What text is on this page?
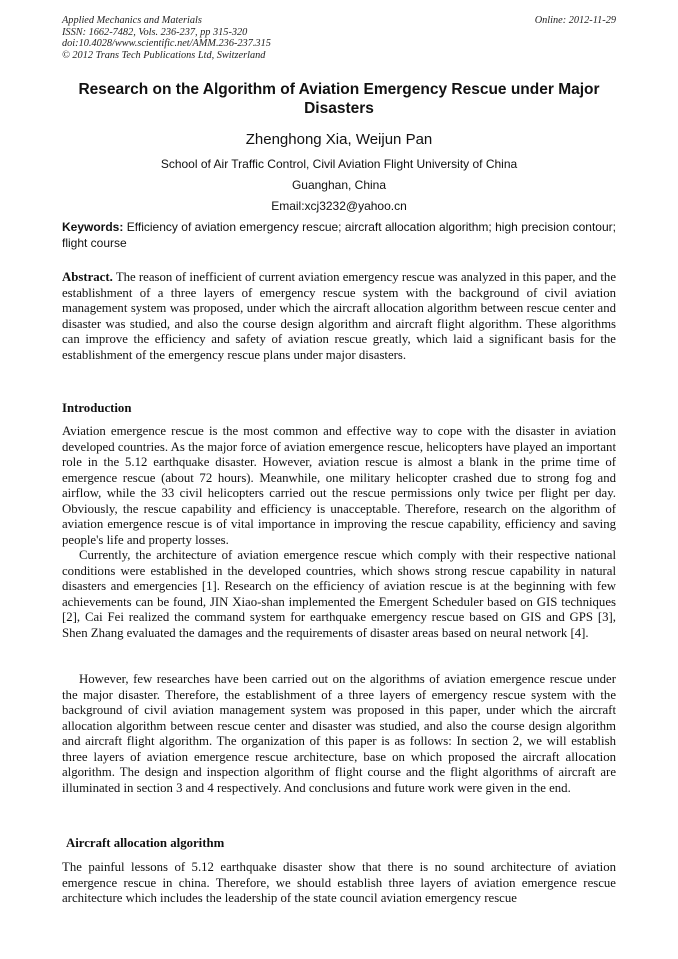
Applied Mechanics and Materials
ISSN: 1662-7482, Vols. 236-237, pp 315-320
doi:10.4028/www.scientific.net/AMM.236-237.315
© 2012 Trans Tech Publications Ltd, Switzerland
Online: 2012-11-29
Research on the Algorithm of Aviation Emergency Rescue under Major Disasters
Zhenghong Xia, Weijun Pan
School of Air Traffic Control, Civil Aviation Flight University of China
Guanghan, China
Email:xcj3232@yahoo.cn
Keywords: Efficiency of aviation emergency rescue; aircraft allocation algorithm; high precision contour; flight course
Abstract. The reason of inefficient of current aviation emergency rescue was analyzed in this paper, and the establishment of a three layers of emergency rescue system with the background of civil aviation management system was proposed, under which the aircraft allocation algorithm between rescue center and disaster was studied, and also the course design algorithm and aircraft flight algorithm. These algorithms can improve the efficiency and safety of aviation rescue greatly, which laid a significant basis for the establishment of the emergency rescue plans under major disasters.
Introduction
Aviation emergence rescue is the most common and effective way to cope with the disaster in aviation developed countries. As the major force of aviation emergence rescue, helicopters have played an important role in the 5.12 earthquake disaster. However, aviation rescue is almost a blank in the prime time of emergence rescue (about 72 hours). Meanwhile, one military helicopter crashed due to strong fog and airflow, while the 33 civil helicopters carried out the rescue permissions only twice per flight per day. Obviously, the rescue capability and efficiency is unacceptable. Therefore, research on the algorithm of aviation emergence rescue is of vital importance in improving the rescue capability, efficiency and saving people's life and property losses.
Currently, the architecture of aviation emergence rescue which comply with their respective national conditions were established in the developed countries, which shows strong rescue capability in natural disasters and emergencies [1]. Research on the efficiency of aviation rescue is at the beginning with few achievements can be found, JIN Xiao-shan implemented the Emergent Scheduler based on GIS techniques [2], Cai Fei realized the command system for earthquake emergency rescue based on GIS and GPS [3], Shen Zhang evaluated the damages and the requirements of disaster areas based on neural network [4].
However, few researches have been carried out on the algorithms of aviation emergence rescue under the major disaster. Therefore, the establishment of a three layers of emergency rescue system with the background of civil aviation management system was proposed in this paper, under which the aircraft allocation algorithm between rescue center and disaster was studied, and also the course design algorithm and aircraft flight algorithm. The organization of this paper is as follows: In section 2, we will establish three layers of aviation emergence rescue architecture, base on which proposed the aircraft allocation algorithm. The design and inspection algorithm of flight course and the flight algorithms of aircraft are illuminated in section 3 and 4 respectively. And conclusions and future work were given in the end.
Aircraft allocation algorithm
The painful lessons of 5.12 earthquake disaster show that there is no sound architecture of aviation emergence rescue in china. Therefore, we should establish three layers of aviation emergence rescue architecture which includes the leadership of the state council aviation emergency rescue
